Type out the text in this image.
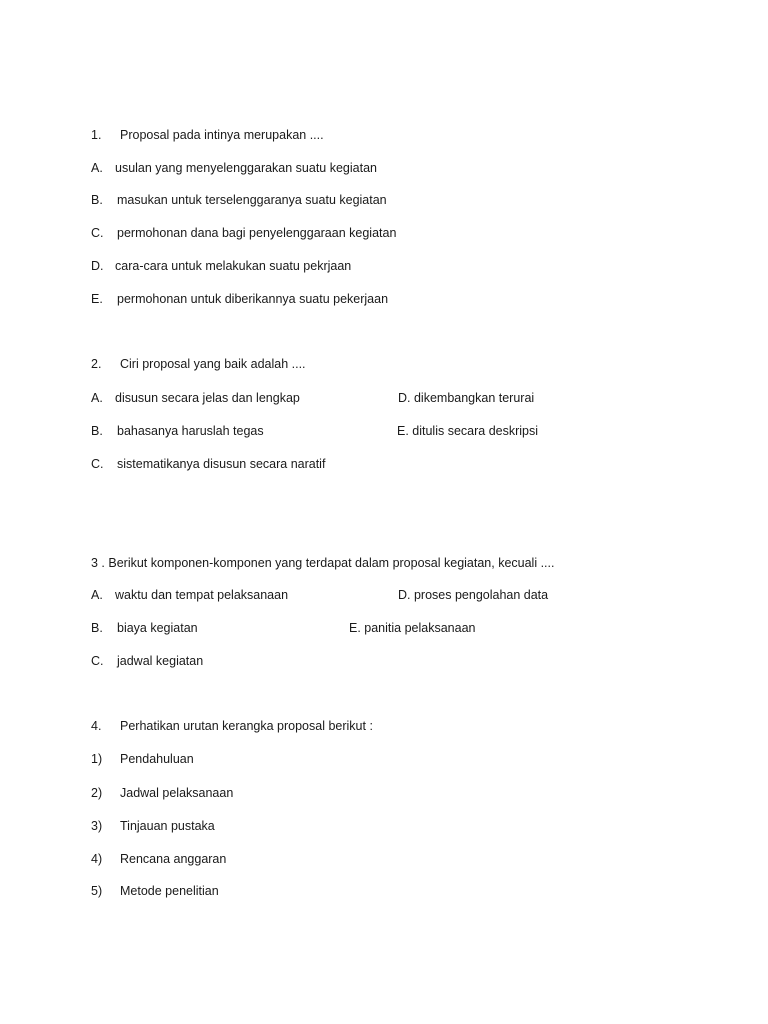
1. Proposal pada intinya merupakan ....
A. usulan yang menyelenggarakan suatu kegiatan
B. masukan untuk terselenggaranya suatu kegiatan
C. permohonan dana bagi penyelenggaraan kegiatan
D. cara-cara untuk melakukan suatu pekrjaan
E. permohonan untuk diberikannya suatu pekerjaan
2. Ciri proposal yang baik adalah ....
A. disusun secara jelas dan lengkap	D. dikembangkan terurai
B. bahasanya haruslah tegas	E. ditulis secara deskripsi
C. sistematikanya disusun secara naratif
3 . Berikut komponen-komponen yang terdapat dalam proposal kegiatan, kecuali ....
A. waktu dan tempat pelaksanaan	D. proses pengolahan data
B. biaya kegiatan	E. panitia pelaksanaan
C. jadwal kegiatan
4. Perhatikan urutan kerangka proposal berikut :
1) Pendahuluan
2) Jadwal pelaksanaan
3) Tinjauan pustaka
4) Rencana anggaran
5) Metode penelitian
